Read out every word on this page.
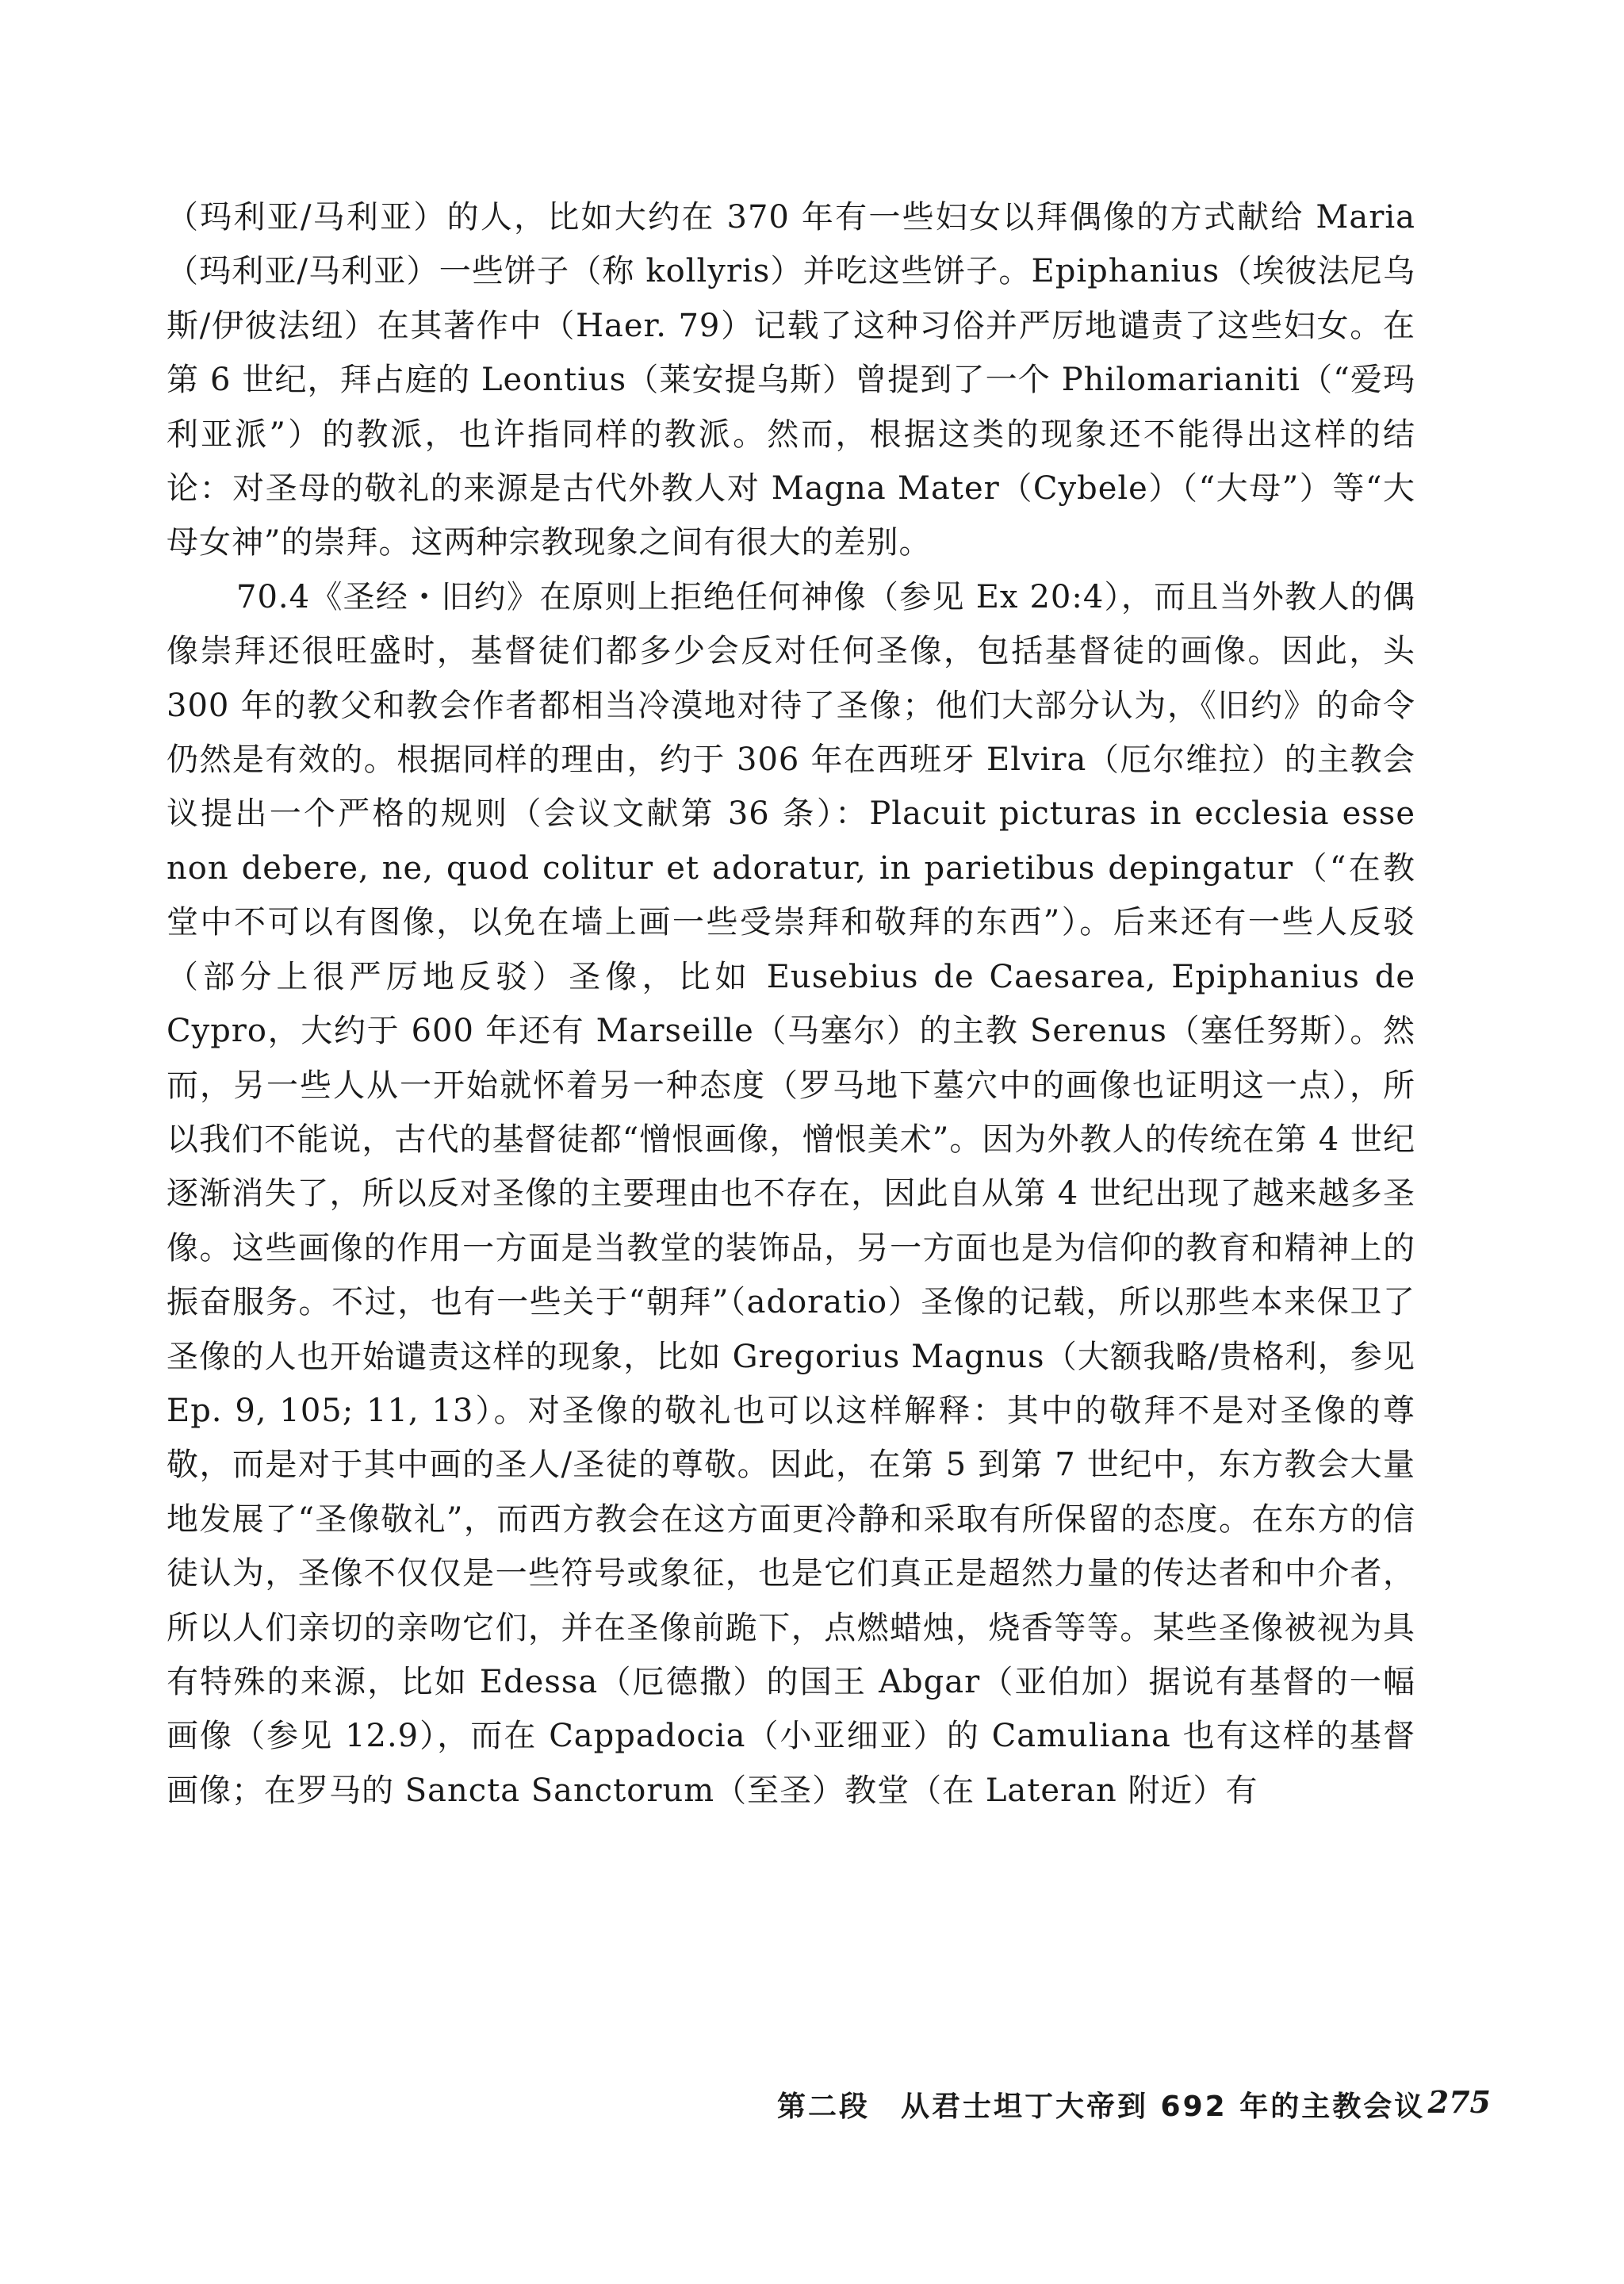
（玛利亚/马利亚）的人，比如大约在 370 年有一些妇女以拜偶像的方式献给 Maria（玛利亚/马利亚）一些饼子（称 kollyris）并吃这些饼子。Epiphanius（埃彼法尼乌斯/伊彼法纽）在其著作中（Haer. 79）记载了这种习俗并严厉地谴责了这些妇女。在第 6 世纪，拜占庭的 Leontius（莱安提乌斯）曾提到了一个 Philomarianiti（“爱玛利亚派”）的教派，也许指同样的教派。然而，根据这类的现象还不能得出这样的结论：对圣母的敬礼的来源是古代外教人对 Magna Mater（Cybele）（“大母”）等“大母女神”的崇拜。这两种宗教现象之间有很大的差别。

70.4《圣经・旧约》在原则上拒绝任何神像（参见 Ex 20:4），而且当外教人的偶像崇拜还很旺盛时，基督徒们都多少会反对任何圣像，包括基督徒的画像。因此，头 300 年的教父和教会作者都相当冷漠地对待了圣像；他们大部分认为，《旧约》的命令仍然是有效的。根据同样的理由，约于 306 年在西班牙 Elvira（厄尔维拉）的主教会议提出一个严格的规则（会议文献第 36 条）：Placuit picturas in ecclesia esse non debere, ne, quod colitur et adoratur, in parietibus depingatur（“在教堂中不可以有图像，以免在墙上画一些受崇拜和敬拜的东西”）。后来还有一些人反驳（部分上很严厉地反驳）圣像，比如 Eusebius de Caesarea, Epiphanius de Cypro，大约于 600 年还有 Marseille（马塞尔）的主教 Serenus（塞任努斯）。然而，另一些人从一开始就怀着另一种态度（罗马地下墓穴中的画像也证明这一点），所以我们不能说，古代的基督徒都“憎恨画像，憎恨美术”。因为外教人的传统在第 4 世纪逐渐消失了，所以反对圣像的主要理由也不存在，因此自从第 4 世纪出现了越来越多圣像。这些画像的作用一方面是当教堂的装饰品，另一方面也是为信仰的教育和精神上的振奋服务。不过，也有一些关于“朝拜”（adoratio）圣像的记载，所以那些本来保卫了圣像的人也开始谴责这样的现象，比如 Gregorius Magnus（大额我略/贵格利，参见 Ep. 9, 105; 11, 13）。对圣像的敬礼也可以这样解释：其中的敬拜不是对圣像的尊敬，而是对于其中画的圣人/圣徒的尊敬。因此，在第 5 到第 7 世纪中，东方教会大量地发展了“圣像敬礼”，而西方教会在这方面更冷静和采取有所保留的态度。在东方的信徒认为，圣像不仅仅是一些符号或象征，也是它们真正是超然力量的传达者和中介者，所以人们亲切的亲吻它们，并在圣像前跪下，点燃蜡烛，烧香等等。某些圣像被视为具有特殊的来源，比如 Edessa（厄德撒）的国王 Abgar（亚伯加）据说有基督的一幅画像（参见 12.9），而在 Cappadocia（小亚细亚）的 Camuliana 也有这样的基督画像；在罗马的 Sancta Sanctorum（至圣）教堂（在 Lateran 附近）有

第二段　从君士坦丁大帝到 692 年的主教会议 275
